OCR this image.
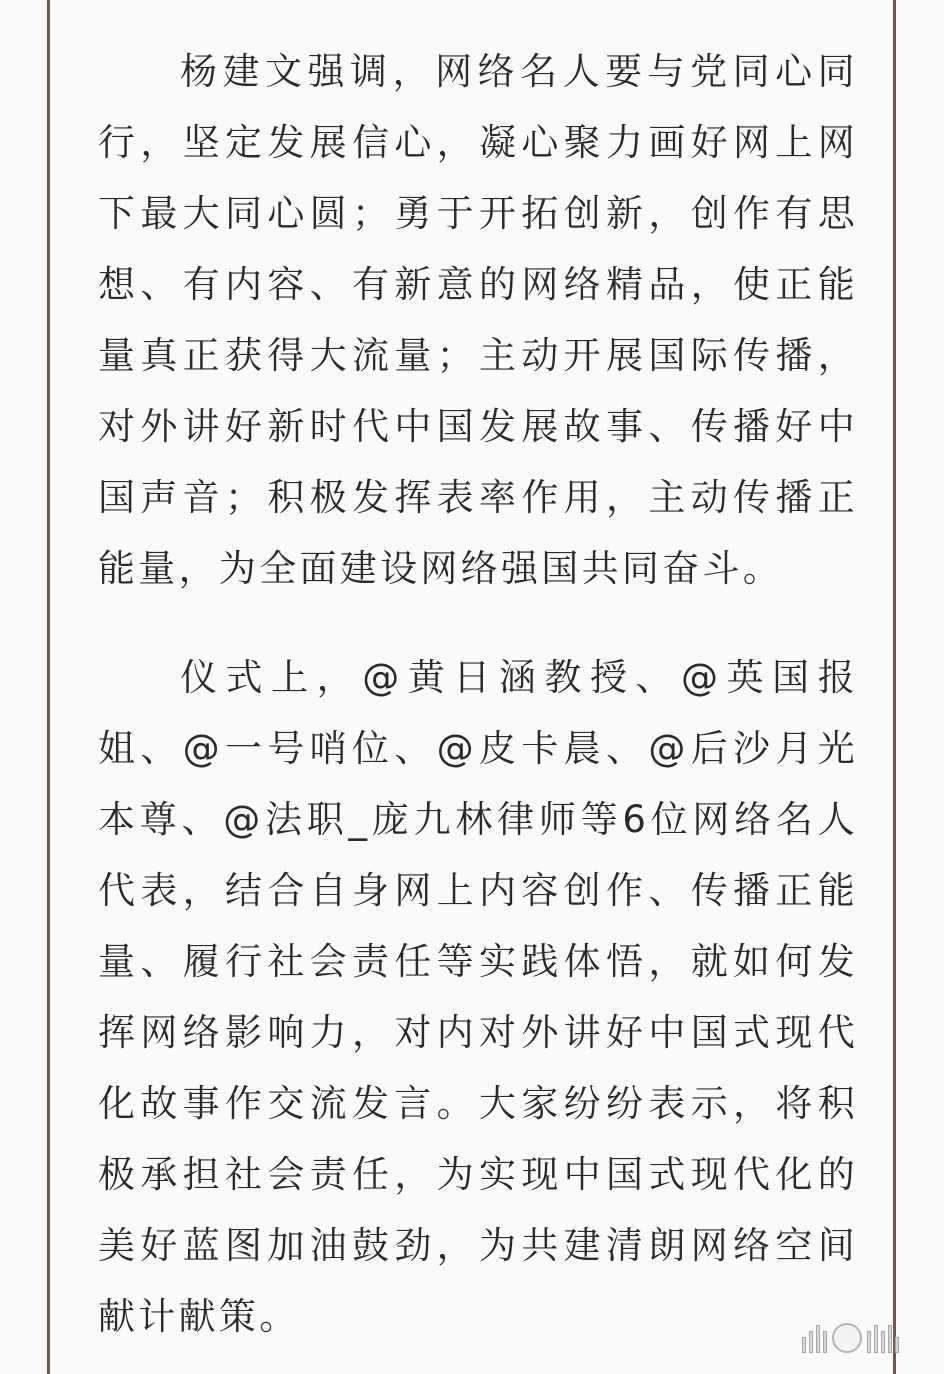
杨建文强调，网络名人要与党同心同行，坚定发展信心，凝心聚力画好网上网下最大同心圆；勇于开拓创新，创作有思想、有内容、有新意的网络精品，使正能量真正获得大流量；主动开展国际传播，对外讲好新时代中国发展故事、传播好中国声音；积极发挥表率作用，主动传播正能量，为全面建设网络强国共同奋斗。

仪式上，@黄日涵教授、@英国报姐、@一号哨位、@皮卡晨、@后沙月光本尊、@法职_庞九林律师等6位网络名人代表，结合自身网上内容创作、传播正能量、履行社会责任等实践体悟，就如何发挥网络影响力，对内对外讲好中国式现代化故事作交流发言。大家纷纷表示，将积极承担社会责任，为实现中国式现代化的美好蓝图加油鼓劲，为共建清朗网络空间献计献策。
